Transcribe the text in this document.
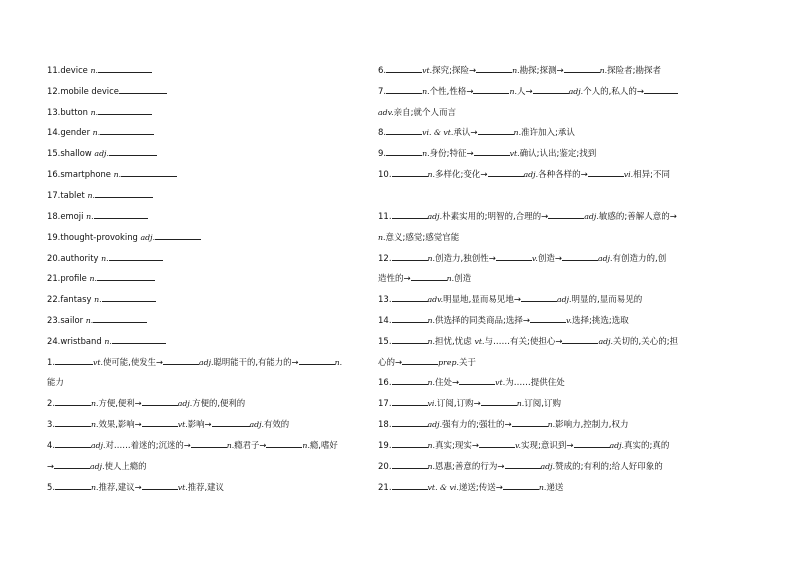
11.device n.
12.mobile device
13.button n.
14.gender n.
15.shallow adj.
16.smartphone n.
17.tablet n.
18.emoji n.
19.thought-provoking adj.
20.authority n.
21.profile n.
22.fantasy n.
23.sailor n.
24.wristband n.
1.	vt.使可能,使发生→	adj.聪明能干的,有能力的→	n.
能力
2.	n.方便,便利→	adj.方便的,便利的
3.	n.效果,影响→	vt.影响→	adj.有效的
4.	adj.对……着迷的;沉迷的→	n.瘾君子→	n.瘾,嗜好
→	adj.使人上瘾的
5.	n.推荐,建议→	vt.推荐,建议
6.	vt.探究;探险→	n.勘探;探测→	n.探险者;勘探者
7.	n.个性,性格→	n.人→	adj.个人的,私人的→
adv.亲自;就个人而言
8.	vi. & vt.承认→	n.准许加入;承认
9.	n.身份;特征→	vt.确认;认出;鉴定;找到
10.	n.多样化;变化→	adj.各种各样的→	vi.相异;不同
11.	adj.朴素实用的;明智的,合理的→	adj.敏感的;善解人意的→
n.意义;感觉;感觉官能
12.	n.创造力,独创性→	v.创造→	adj.有创造力的,创
造性的→	n.创造
13.	adv.明显地,显而易见地→	adj.明显的,显而易见的
14.	n.供选择的同类商品;选择→	v.选择;挑选;选取
15.	n.担忧,忧虑 vt.与……有关;使担心→	adj.关切的,关心的;担
心的→	prep.关于
16.	n.住处→	vt.为……提供住处
17.	vi.订阅,订购→	n.订阅,订购
18.	adj.强有力的;强壮的→	n.影响力,控制力,权力
19.	n.真实;现实→	v.实现;意识到→	adj.真实的;真的
20.	n.恩惠;善意的行为→	adj.赞成的;有利的;给人好印象的
21.	vt. & vi.递送;传送→	n.递送
